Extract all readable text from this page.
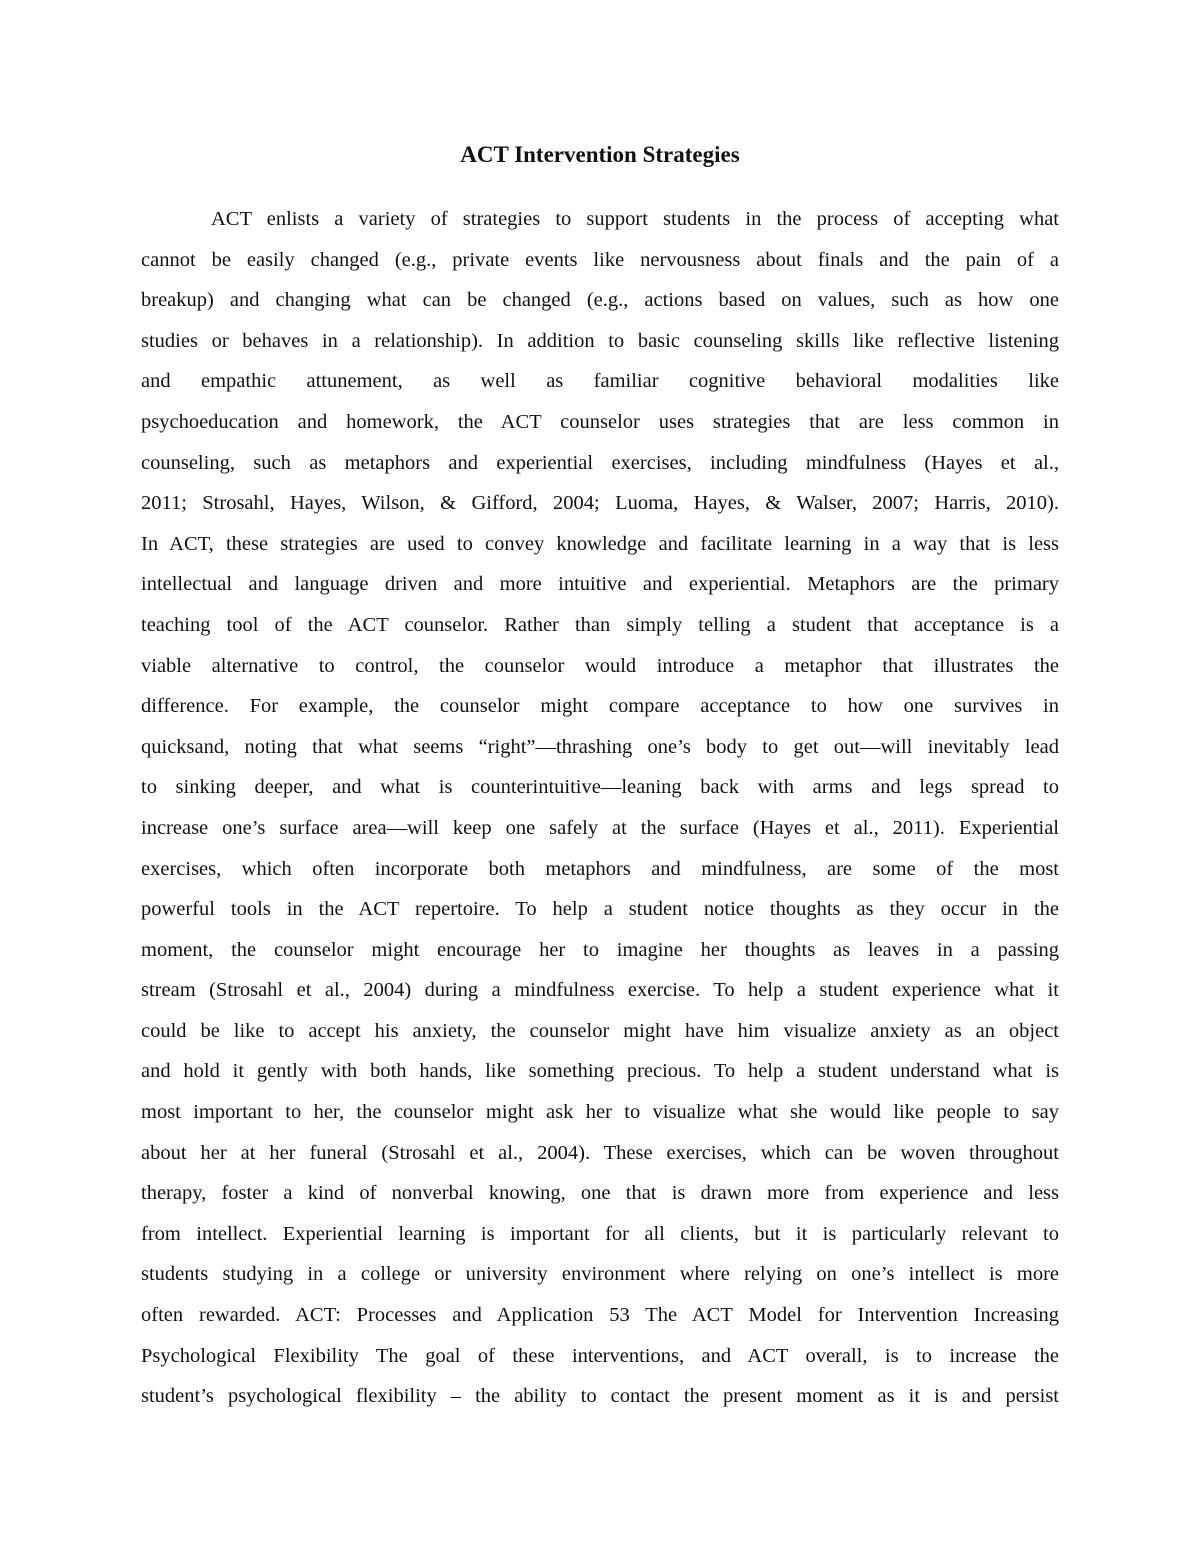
ACT Intervention Strategies
ACT enlists a variety of strategies to support students in the process of accepting what
cannot be easily changed (e.g., private events like nervousness about finals and the pain of a
breakup) and changing what can be changed (e.g., actions based on values, such as how one
studies or behaves in a relationship). In addition to basic counseling skills like reflective listening
and empathic attunement, as well as familiar cognitive behavioral modalities like
psychoeducation and homework, the ACT counselor uses strategies that are less common in
counseling, such as metaphors and experiential exercises, including mindfulness (Hayes et al.,
2011; Strosahl, Hayes, Wilson, & Gifford, 2004; Luoma, Hayes, & Walser, 2007; Harris, 2010).
In ACT, these strategies are used to convey knowledge and facilitate learning in a way that is less
intellectual and language driven and more intuitive and experiential. Metaphors are the primary
teaching tool of the ACT counselor. Rather than simply telling a student that acceptance is a
viable alternative to control, the counselor would introduce a metaphor that illustrates the
difference. For example, the counselor might compare acceptance to how one survives in
quicksand, noting that what seems “right”—thrashing one’s body to get out—will inevitably lead
to sinking deeper, and what is counterintuitive—leaning back with arms and legs spread to
increase one’s surface area—will keep one safely at the surface (Hayes et al., 2011). Experiential
exercises, which often incorporate both metaphors and mindfulness, are some of the most
powerful tools in the ACT repertoire. To help a student notice thoughts as they occur in the
moment, the counselor might encourage her to imagine her thoughts as leaves in a passing
stream (Strosahl et al., 2004) during a mindfulness exercise. To help a student experience what it
could be like to accept his anxiety, the counselor might have him visualize anxiety as an object
and hold it gently with both hands, like something precious. To help a student understand what is
most important to her, the counselor might ask her to visualize what she would like people to say
about her at her funeral (Strosahl et al., 2004). These exercises, which can be woven throughout
therapy, foster a kind of nonverbal knowing, one that is drawn more from experience and less
from intellect. Experiential learning is important for all clients, but it is particularly relevant to
students studying in a college or university environment where relying on one’s intellect is more
often rewarded. ACT: Processes and Application 53 The ACT Model for Intervention Increasing
Psychological Flexibility The goal of these interventions, and ACT overall, is to increase the
student’s psychological flexibility – the ability to contact the present moment as it is and persist
